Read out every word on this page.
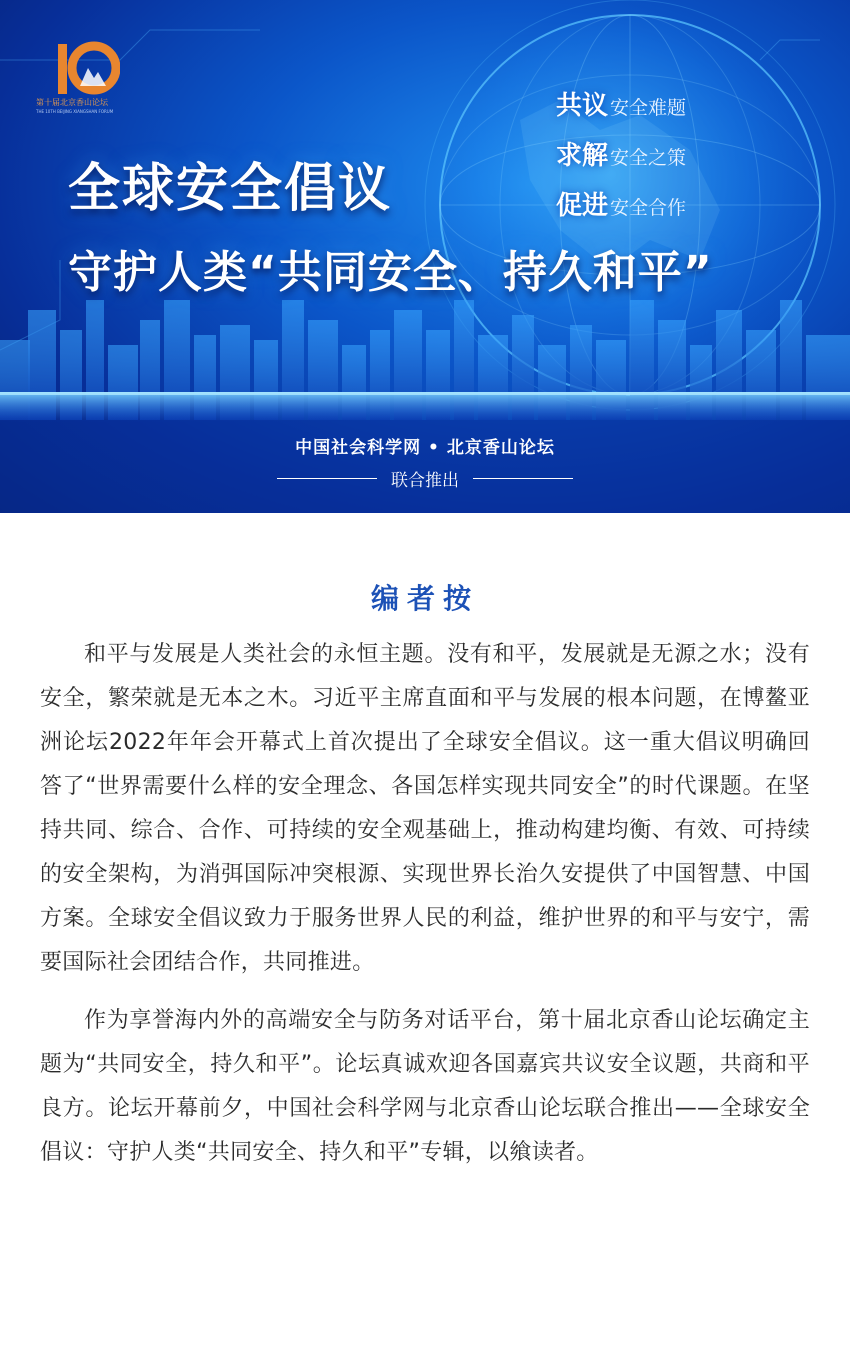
第十届北京香山论坛
THE 10TH BEIJING XIANGSHAN FORUM	共议 安全难题
求解 安全之策
促进 安全合作
全球安全倡议
守护人类“共同安全、持久和平”
中国社会科学网 • 北京香山论坛
联合推出
编者按

和平与发展是人类社会的永恒主题。没有和平，发展就是无源之水；没有安全，繁荣就是无本之木。习近平主席直面和平与发展的根本问题，在博鳌亚洲论坛2022年年会开幕式上首次提出了全球安全倡议。这一重大倡议明确回答了“世界需要什么样的安全理念、各国怎样实现共同安全”的时代课题。在坚持共同、综合、合作、可持续的安全观基础上，推动构建均衡、有效、可持续的安全架构，为消弭国际冲突根源、实现世界长治久安提供了中国智慧、中国方案。全球安全倡议致力于服务世界人民的利益，维护世界的和平与安宁，需要国际社会团结合作，共同推进。

作为享誉海内外的高端安全与防务对话平台，第十届北京香山论坛确定主题为“共同安全，持久和平”。论坛真诚欢迎各国嘉宾共议安全议题，共商和平良方。论坛开幕前夕，中国社会科学网与北京香山论坛联合推出——全球安全倡议：守护人类“共同安全、持久和平”专辑，以飨读者。
